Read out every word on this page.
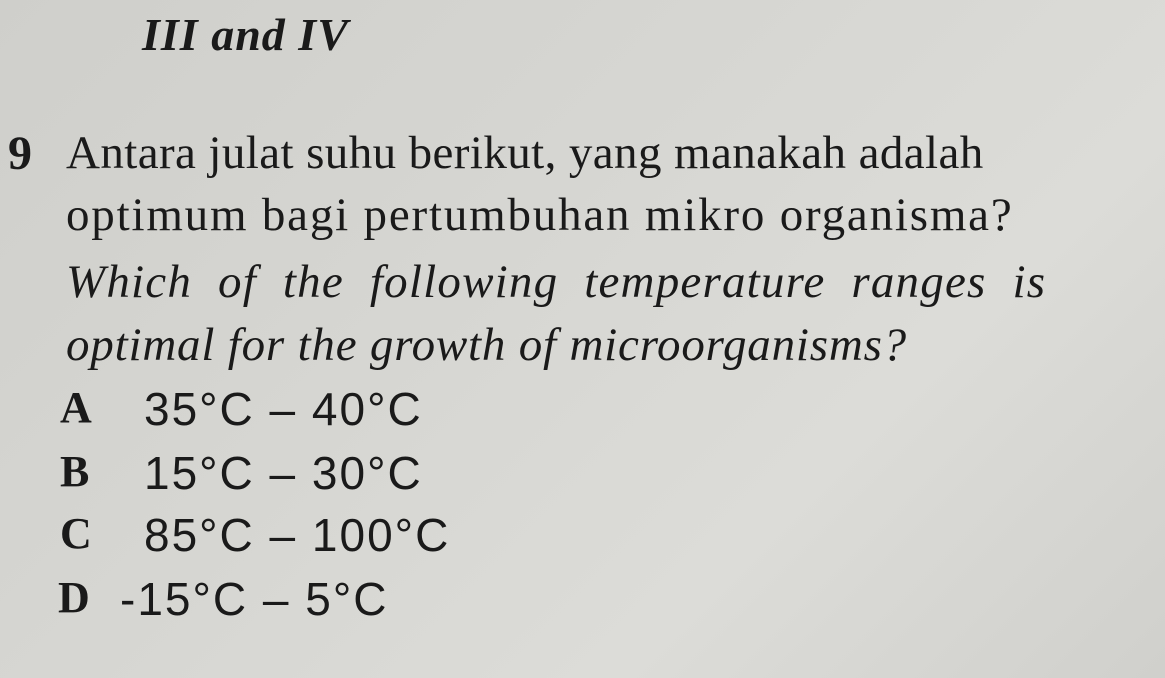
III and IV
9 Antara julat suhu berikut, yang manakah adalah
optimum bagi pertumbuhan mikro organisma?
Which of the following temperature ranges is
optimal for the growth of microorganisms?
A 35°C – 40°C
B 15°C – 30°C
C 85°C – 100°C
D -15°C – 5°C
